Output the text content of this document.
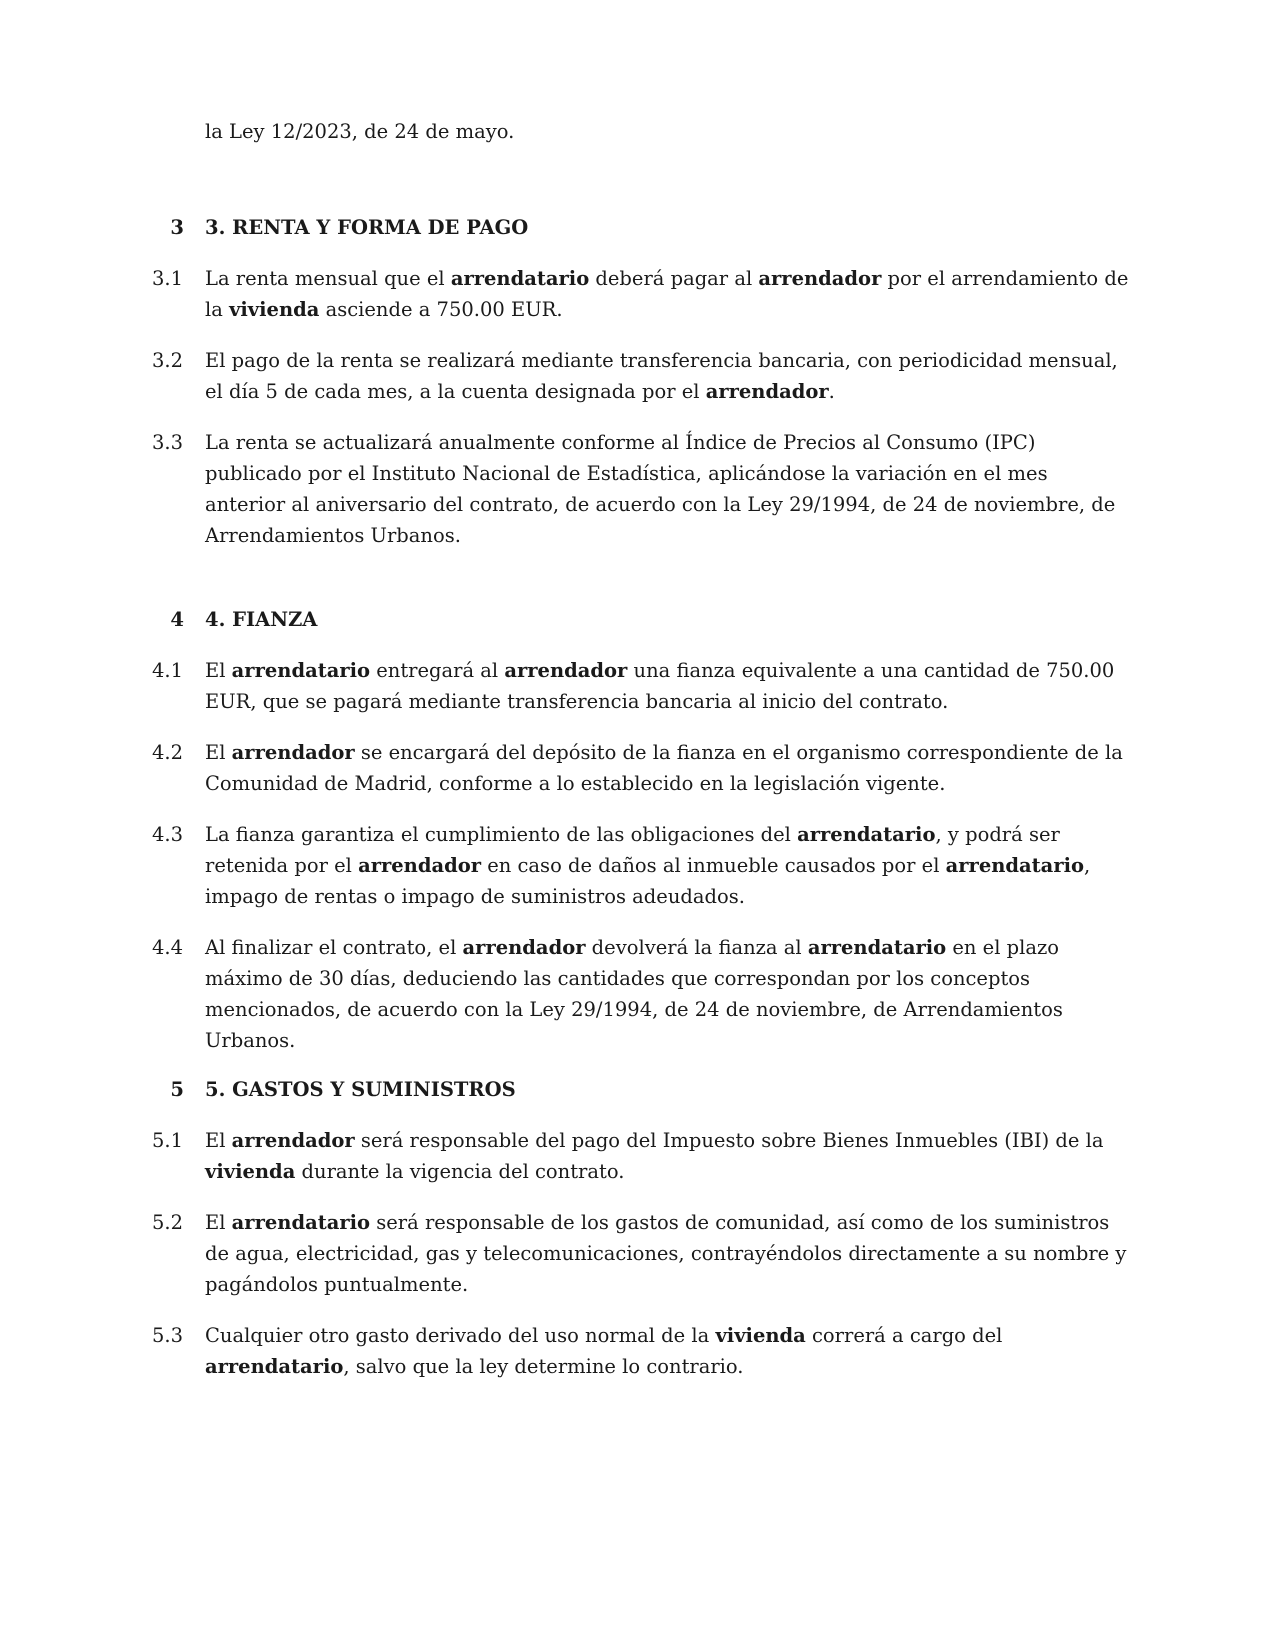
la Ley 12/2023, de 24 de mayo.

3 3. RENTA Y FORMA DE PAGO
3.1 La renta mensual que el arrendatario deberá pagar al arrendador por el arrendamiento de la vivienda asciende a 750.00 EUR.

3.2 El pago de la renta se realizará mediante transferencia bancaria, con periodicidad mensual, el día 5 de cada mes, a la cuenta designada por el arrendador.

3.3 La renta se actualizará anualmente conforme al Índice de Precios al Consumo (IPC) publicado por el Instituto Nacional de Estadística, aplicándose la variación en el mes anterior al aniversario del contrato, de acuerdo con la Ley 29/1994, de 24 de noviembre, de Arrendamientos Urbanos.

4 4. FIANZA
4.1 El arrendatario entregará al arrendador una fianza equivalente a una cantidad de 750.00 EUR, que se pagará mediante transferencia bancaria al inicio del contrato.

4.2 El arrendador se encargará del depósito de la fianza en el organismo correspondiente de la Comunidad de Madrid, conforme a lo establecido en la legislación vigente.

4.3 La fianza garantiza el cumplimiento de las obligaciones del arrendatario, y podrá ser retenida por el arrendador en caso de daños al inmueble causados por el arrendatario, impago de rentas o impago de suministros adeudados.

4.4 Al finalizar el contrato, el arrendador devolverá la fianza al arrendatario en el plazo máximo de 30 días, deduciendo las cantidades que correspondan por los conceptos mencionados, de acuerdo con la Ley 29/1994, de 24 de noviembre, de Arrendamientos Urbanos.

5 5. GASTOS Y SUMINISTROS
5.1 El arrendador será responsable del pago del Impuesto sobre Bienes Inmuebles (IBI) de la vivienda durante la vigencia del contrato.

5.2 El arrendatario será responsable de los gastos de comunidad, así como de los suministros de agua, electricidad, gas y telecomunicaciones, contrayéndolos directamente a su nombre y pagándolos puntualmente.

5.3 Cualquier otro gasto derivado del uso normal de la vivienda correrá a cargo del arrendatario, salvo que la ley determine lo contrario.
